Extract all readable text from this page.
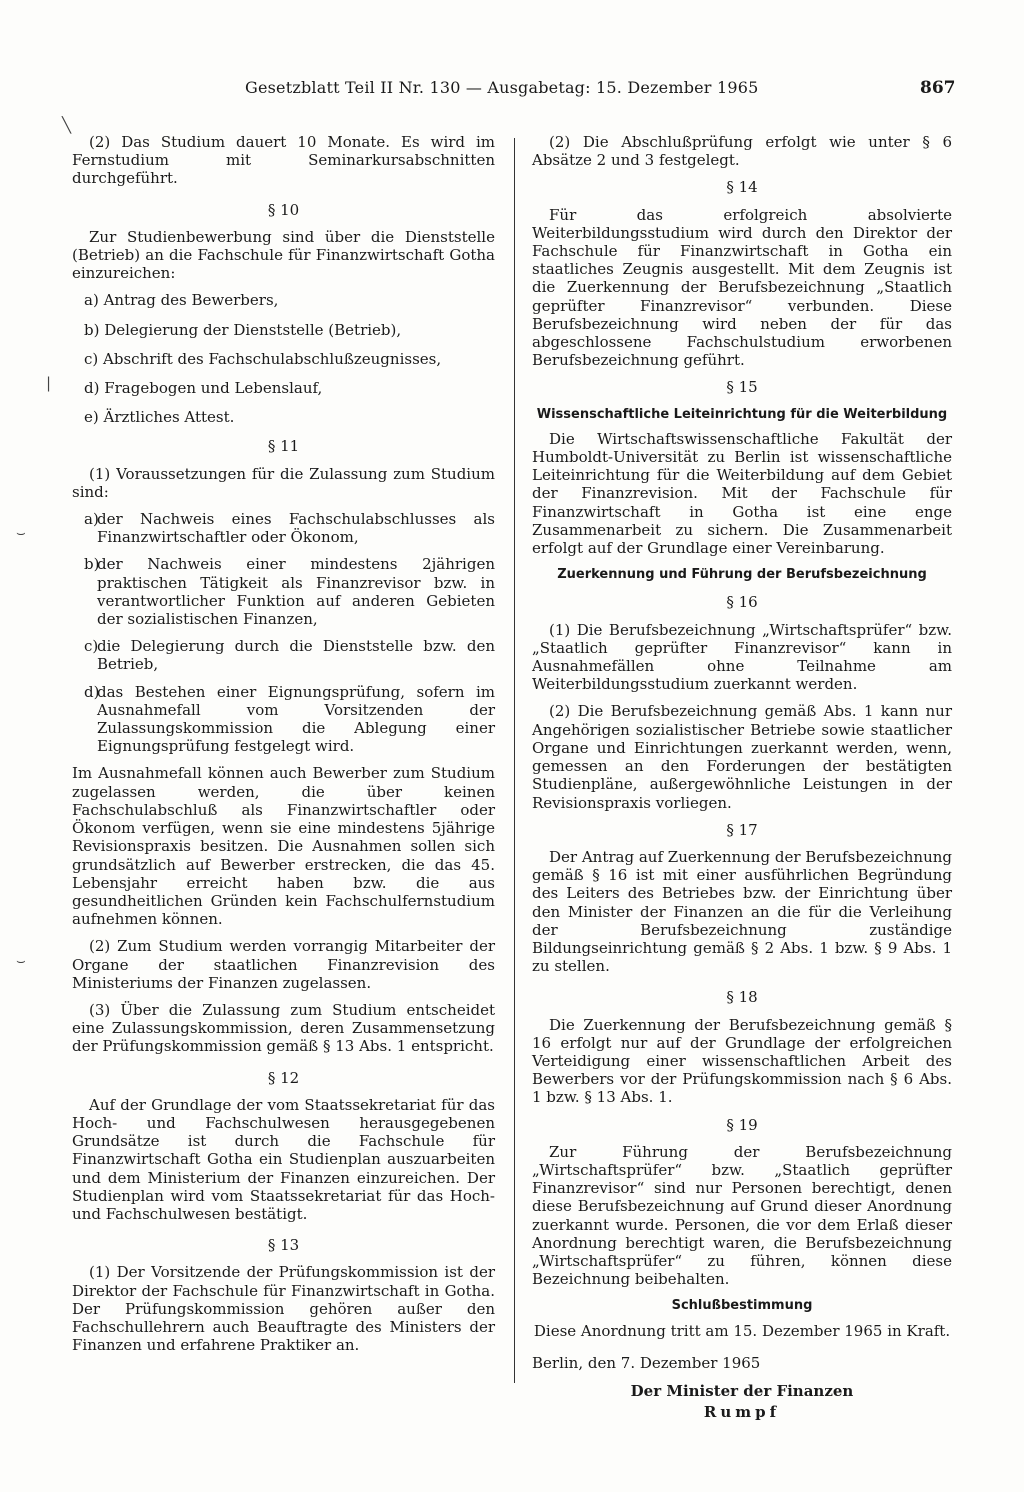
Gesetzblatt Teil II Nr. 130 — Ausgabetag: 15. Dezember 1965	867

(2) Das Studium dauert 10 Monate. Es wird im Fernstudium mit Seminarkursabschnitten durchgeführt.

§ 10

Zur Studienbewerbung sind über die Dienststelle (Betrieb) an die Fachschule für Finanzwirtschaft Gotha einzureichen:

a) Antrag des Bewerbers,
b) Delegierung der Dienststelle (Betrieb),
c) Abschrift des Fachschulabschlußzeugnisses,
d) Fragebogen und Lebenslauf,
e) Ärztliches Attest.
§ 11

(1) Voraussetzungen für die Zulassung zum Studium sind:

a)
der Nachweis eines Fachschulabschlusses als Finanzwirtschaftler oder Ökonom,
b)
der Nachweis einer mindestens 2jährigen praktischen Tätigkeit als Finanzrevisor bzw. in verantwortlicher Funktion auf anderen Gebieten der sozialistischen Finanzen,
c)
die Delegierung durch die Dienststelle bzw. den Betrieb,
d)
das Bestehen einer Eignungsprüfung, sofern im Ausnahmefall vom Vorsitzenden der Zulassungskommission die Ablegung einer Eignungsprüfung festgelegt wird.

Im Ausnahmefall können auch Bewerber zum Studium zugelassen werden, die über keinen Fachschulabschluß als Finanzwirtschaftler oder Ökonom verfügen, wenn sie eine mindestens 5jährige Revisionspraxis besitzen. Die Ausnahmen sollen sich grundsätzlich auf Bewerber erstrecken, die das 45. Lebensjahr erreicht haben bzw. die aus gesundheitlichen Gründen kein Fachschulfernstudium aufnehmen können.

(2) Zum Studium werden vorrangig Mitarbeiter der Organe der staatlichen Finanzrevision des Ministeriums der Finanzen zugelassen.

(3) Über die Zulassung zum Studium entscheidet eine Zulassungskommission, deren Zusammensetzung der Prüfungskommission gemäß § 13 Abs. 1 entspricht.

§ 12

Auf der Grundlage der vom Staatssekretariat für das Hoch- und Fachschulwesen herausgegebenen Grundsätze ist durch die Fachschule für Finanzwirtschaft Gotha ein Studienplan auszuarbeiten und dem Ministerium der Finanzen einzureichen. Der Studienplan wird vom Staatssekretariat für das Hoch- und Fachschulwesen bestätigt.

§ 13

(1) Der Vorsitzende der Prüfungskommission ist der Direktor der Fachschule für Finanzwirtschaft in Gotha. Der Prüfungskommission gehören außer den Fachschullehrern auch Beauftragte des Ministers der Finanzen und erfahrene Praktiker an.

(2) Die Abschlußprüfung erfolgt wie unter § 6 Absätze 2 und 3 festgelegt.

§ 14

Für das erfolgreich absolvierte Weiterbildungsstudium wird durch den Direktor der Fachschule für Finanzwirtschaft in Gotha ein staatliches Zeugnis ausgestellt. Mit dem Zeugnis ist die Zuerkennung der Berufsbezeichnung „Staatlich geprüfter Finanzrevisor“ verbunden. Diese Berufsbezeichnung wird neben der für das abgeschlossene Fachschulstudium erworbenen Berufsbezeichnung geführt.

§ 15
Wissenschaftliche Leiteinrichtung für die Weiterbildung

Die Wirtschaftswissenschaftliche Fakultät der Humboldt-Universität zu Berlin ist wissenschaftliche Leiteinrichtung für die Weiterbildung auf dem Gebiet der Finanzrevision. Mit der Fachschule für Finanzwirtschaft in Gotha ist eine enge Zusammenarbeit zu sichern. Die Zusammenarbeit erfolgt auf der Grundlage einer Vereinbarung.

Zuerkennung und Führung der Berufsbezeichnung
§ 16

(1) Die Berufsbezeichnung „Wirtschaftsprüfer“ bzw. „Staatlich geprüfter Finanzrevisor“ kann in Ausnahmefällen ohne Teilnahme am Weiterbildungsstudium zuerkannt werden.

(2) Die Berufsbezeichnung gemäß Abs. 1 kann nur Angehörigen sozialistischer Betriebe sowie staatlicher Organe und Einrichtungen zuerkannt werden, wenn, gemessen an den Forderungen der bestätigten Studienpläne, außergewöhnliche Leistungen in der Revisionspraxis vorliegen.

§ 17

Der Antrag auf Zuerkennung der Berufsbezeichnung gemäß § 16 ist mit einer ausführlichen Begründung des Leiters des Betriebes bzw. der Einrichtung über den Minister der Finanzen an die für die Verleihung der Berufsbezeichnung zuständige Bildungseinrichtung gemäß § 2 Abs. 1 bzw. § 9 Abs. 1 zu stellen.

§ 18

Die Zuerkennung der Berufsbezeichnung gemäß § 16 erfolgt nur auf der Grundlage der erfolgreichen Verteidigung einer wissenschaftlichen Arbeit des Bewerbers vor der Prüfungskommission nach § 6 Abs. 1 bzw. § 13 Abs. 1.

§ 19

Zur Führung der Berufsbezeichnung „Wirtschaftsprüfer“ bzw. „Staatlich geprüfter Finanzrevisor“ sind nur Personen berechtigt, denen diese Berufsbezeichnung auf Grund dieser Anordnung zuerkannt wurde. Personen, die vor dem Erlaß dieser Anordnung berechtigt waren, die Berufsbezeichnung „Wirtschaftsprüfer“ zu führen, können diese Bezeichnung beibehalten.

Schlußbestimmung
Diese Anordnung tritt am 15. Dezember 1965 in Kraft.
Berlin, den 7. Dezember 1965
Der Minister der Finanzen
Rumpf
╲
|
⌣
⌣
